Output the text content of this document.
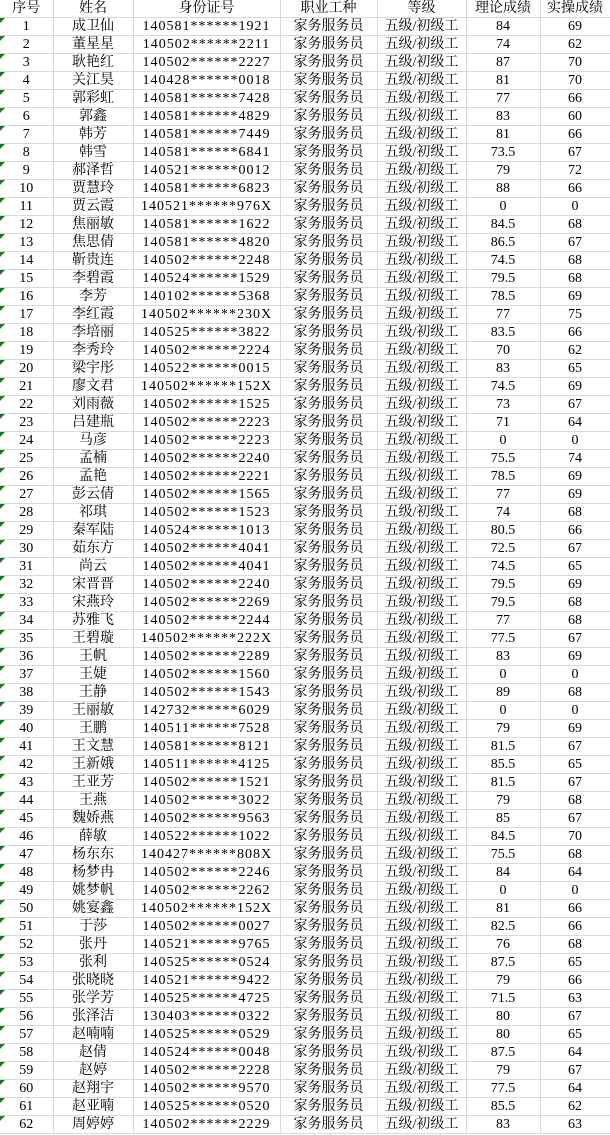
序号	姓名	身份证号	职业工种	等级	理论成绩	实操成绩

1	成卫仙	140581******1921	家务服务员	五级/初级工	84	69

2	董星星	140502******2211	家务服务员	五级/初级工	74	62

3	耿艳红	140502******2227	家务服务员	五级/初级工	87	70

4	关江昊	140428******0018	家务服务员	五级/初级工	81	70

5	郭彩虹	140581******7428	家务服务员	五级/初级工	77	66

6	郭鑫	140581******4829	家务服务员	五级/初级工	83	60

7	韩芳	140581******7449	家务服务员	五级/初级工	81	66

8	韩雪	140581******6841	家务服务员	五级/初级工	73.5	67

9	郝泽哲	140521******0012	家务服务员	五级/初级工	79	72

10	贾慧玲	140581******6823	家务服务员	五级/初级工	88	66

11	贾云霞	140521******976X	家务服务员	五级/初级工	0	0

12	焦丽敏	140581******1622	家务服务员	五级/初级工	84.5	68

13	焦思倩	140581******4820	家务服务员	五级/初级工	86.5	67

14	靳贵连	140502******2248	家务服务员	五级/初级工	74.5	68

15	李碧霞	140524******1529	家务服务员	五级/初级工	79.5	68

16	李芳	140102******5368	家务服务员	五级/初级工	78.5	69

17	李红霞	140502******230X	家务服务员	五级/初级工	77	75

18	李培丽	140525******3822	家务服务员	五级/初级工	83.5	66

19	李秀玲	140502******2224	家务服务员	五级/初级工	70	62

20	梁宇彤	140522******0015	家务服务员	五级/初级工	83	65

21	廖文君	140502******152X	家务服务员	五级/初级工	74.5	69

22	刘雨薇	140502******1525	家务服务员	五级/初级工	73	67

23	吕建瓶	140502******2223	家务服务员	五级/初级工	71	64

24	马彦	140502******2223	家务服务员	五级/初级工	0	0

25	孟楠	140502******2240	家务服务员	五级/初级工	75.5	74

26	孟艳	140502******2221	家务服务员	五级/初级工	78.5	69

27	彭云倩	140502******1565	家务服务员	五级/初级工	77	69

28	祁琪	140502******1523	家务服务员	五级/初级工	74	68

29	秦军陆	140524******1013	家务服务员	五级/初级工	80.5	66

30	茹东方	140502******4041	家务服务员	五级/初级工	72.5	67

31	尚云	140502******4041	家务服务员	五级/初级工	74.5	65

32	宋晋晋	140502******2240	家务服务员	五级/初级工	79.5	69

33	宋燕玲	140502******2269	家务服务员	五级/初级工	79.5	68

34	苏雅飞	140502******2244	家务服务员	五级/初级工	77	68

35	王碧璇	140502******222X	家务服务员	五级/初级工	77.5	67

36	王帆	140502******2289	家务服务员	五级/初级工	83	69

37	王婕	140502******1560	家务服务员	五级/初级工	0	0

38	王静	140502******1543	家务服务员	五级/初级工	89	68

39	王丽敏	142732******6029	家务服务员	五级/初级工	0	0

40	王鹏	140511******7528	家务服务员	五级/初级工	79	69

41	王文慧	140581******8121	家务服务员	五级/初级工	81.5	67

42	王新娥	140511******4125	家务服务员	五级/初级工	85.5	65

43	王亚芳	140502******1521	家务服务员	五级/初级工	81.5	67

44	王燕	140502******3022	家务服务员	五级/初级工	79	68

45	魏娇燕	140502******9563	家务服务员	五级/初级工	85	67

46	薛敏	140522******1022	家务服务员	五级/初级工	84.5	70

47	杨东东	140427******808X	家务服务员	五级/初级工	75.5	68

48	杨梦冉	140502******2246	家务服务员	五级/初级工	84	64

49	姚梦帆	140502******2262	家务服务员	五级/初级工	0	0

50	姚宴鑫	140502******152X	家务服务员	五级/初级工	81	66

51	于莎	140502******0027	家务服务员	五级/初级工	82.5	66

52	张丹	140521******9765	家务服务员	五级/初级工	76	68

53	张利	140525******0524	家务服务员	五级/初级工	87.5	65

54	张晓晓	140521******9422	家务服务员	五级/初级工	79	66

55	张学芳	140525******4725	家务服务员	五级/初级工	71.5	63

56	张泽洁	130403******0322	家务服务员	五级/初级工	80	67

57	赵喃喃	140525******0529	家务服务员	五级/初级工	80	65

58	赵倩	140524******0048	家务服务员	五级/初级工	87.5	64

59	赵婷	140502******2228	家务服务员	五级/初级工	79	67

60	赵翔宇	140502******9570	家务服务员	五级/初级工	77.5	64

61	赵亚喃	140525******0520	家务服务员	五级/初级工	85.5	62

62	周婷婷	140502******2229	家务服务员	五级/初级工	83	63
